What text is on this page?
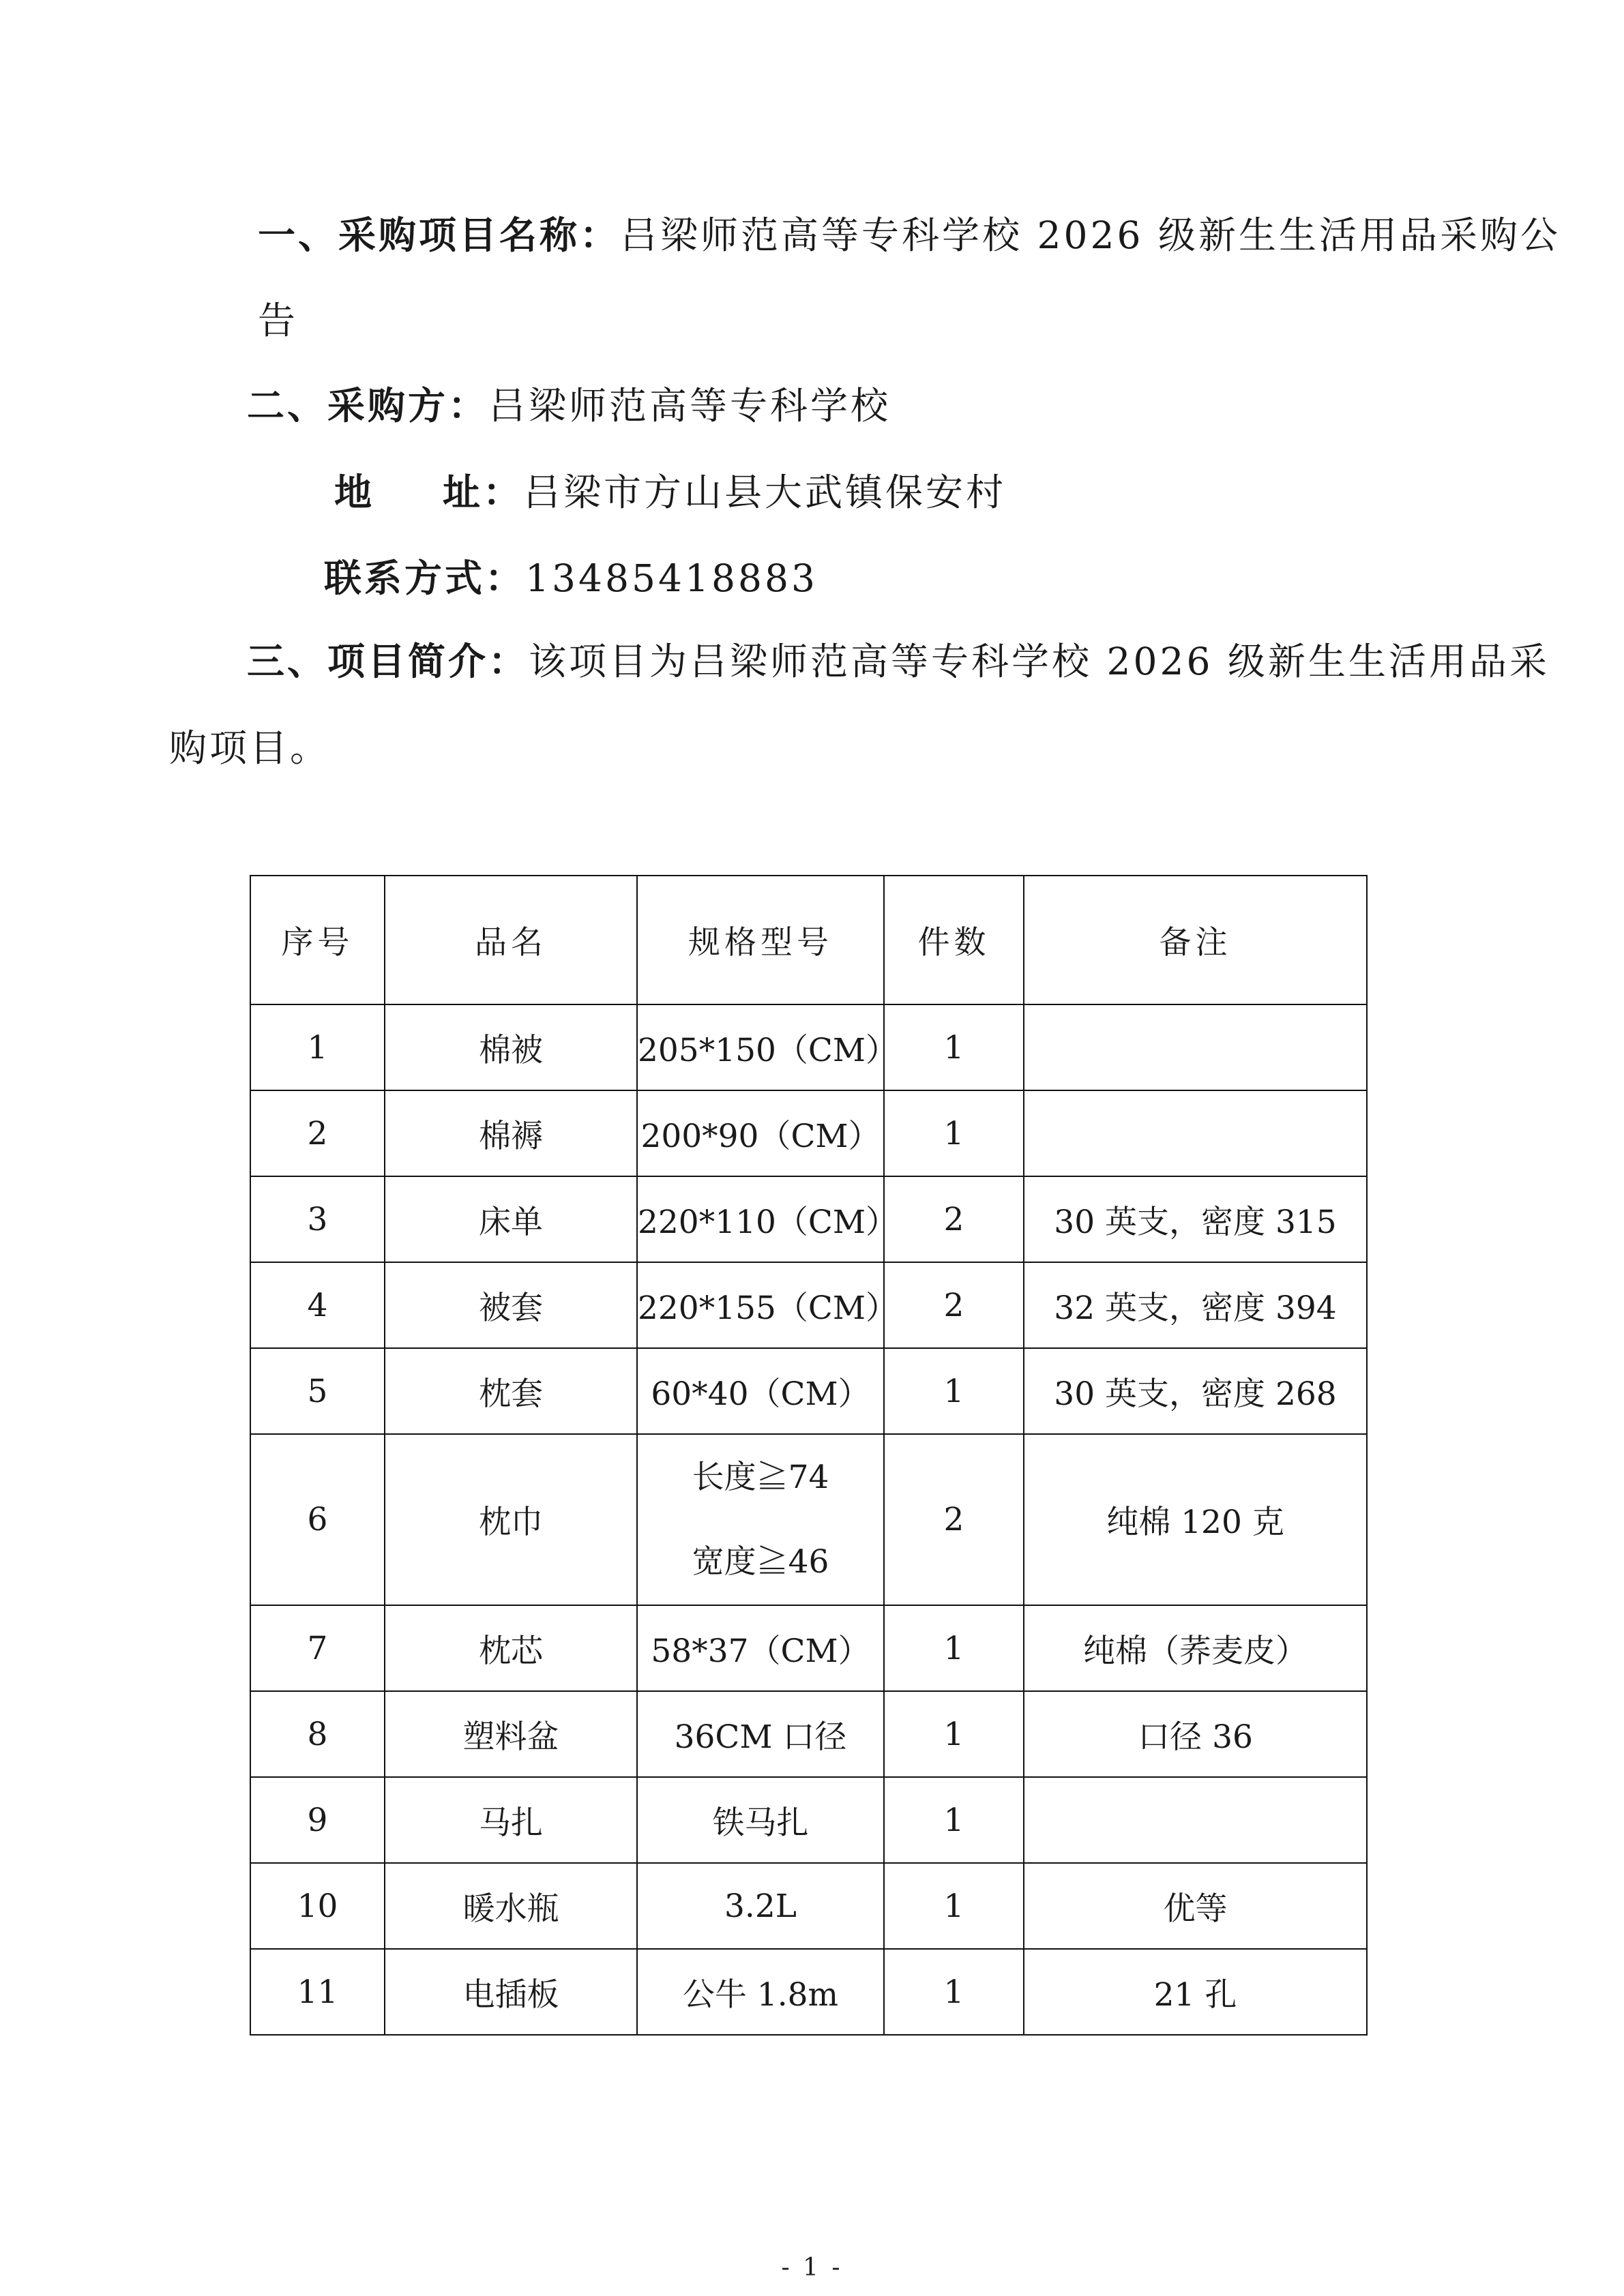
一、采购项目名称：吕梁师范高等专科学校 2026 级新生生活用品采购公
告
二、采购方：吕梁师范高等专科学校
地 址：吕梁市方山县大武镇保安村
联系方式：13485418883
三、项目简介：该项目为吕梁师范高等专科学校 2026 级新生生活用品采
购项目。
序号	品名	规格型号	件数	备注
1	棉被	205*150（CM）	1	
2	棉褥	200*90（CM）	1	
3	床单	220*110（CM）	2	30 英支，密度 315
4	被套	220*155（CM）	2	32 英支，密度 394
5	枕套	60*40（CM）	1	30 英支，密度 268
6	枕巾	长度≧74
宽度≧46	2	纯棉 120 克
7	枕芯	58*37（CM）	1	纯棉（荞麦皮）
8	塑料盆	36CM 口径	1	口径 36
9	马扎	铁马扎	1	
10	暖水瓶	3.2L	1	优等
11	电插板	公牛 1.8m	1	21 孔
- 1 -
